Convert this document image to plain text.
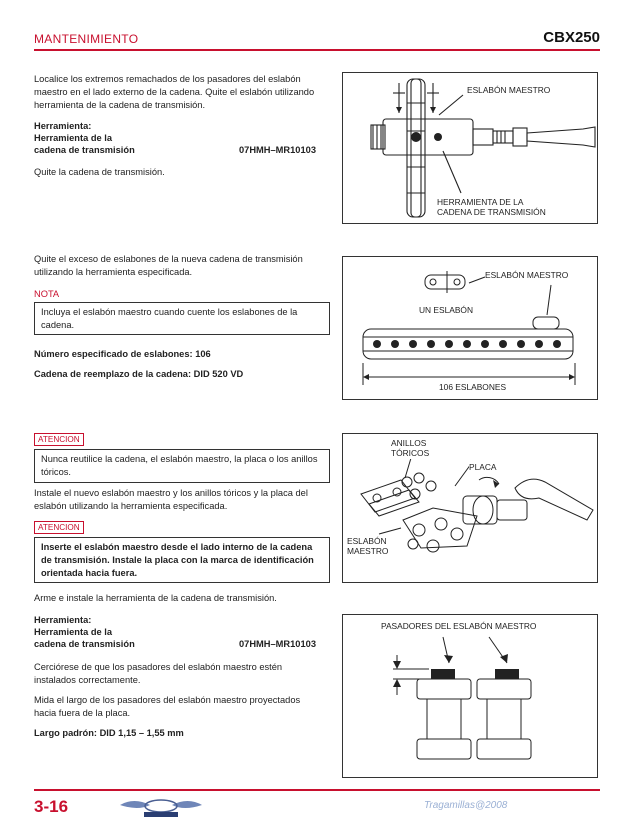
MANTENIMIENTO	CBX250
Localice los extremos remachados de los pasadores del eslabón maestro en el lado externo de la cadena. Quite el eslabón utilizando herramienta de la cadena de transmisión.
Herramienta:
Herramienta de la
cadena de transmisión	07HMH–MR10103
Quite la cadena de transmisión.
ESLABÓN MAESTRO
HERRAMIENTA DE LA
CADENA DE TRANSMISIÓN
Quite el exceso de eslabones de la nueva cadena de transmisión utilizando la herramienta especificada.
NOTA
Incluya el eslabón maestro cuando cuente los eslabones de la cadena.
Número especificado de eslabones: 106
Cadena de reemplazo de la cadena: DID 520 VD
ESLABÓN MAESTRO
UN ESLABÓN
106 ESLABONES
ATENCION
Nunca reutilice la cadena, el eslabón maestro, la placa o los anillos tóricos.
Instale el nuevo eslabón maestro y los anillos tóricos y la placa del eslabón utilizando la herramienta especificada.
ATENCION
Inserte el eslabón maestro desde el lado interno de la cadena de transmisión. Instale la placa con la marca de identificación orientada hacia fuera.
Arme e instale la herramienta de la cadena de transmisión.
ANILLOS
TÓRICOS
PLACA
ESLABÓN
MAESTRO
Herramienta:
Herramienta de la
cadena de transmisión	07HMH–MR10103
Cerciórese de que los pasadores del eslabón maestro estén instalados correctamente.
Mida el largo de los pasadores del eslabón maestro proyectados hacia fuera de la placa.
Largo padrón: DID 1,15 – 1,55 mm
PASADORES DEL ESLABÓN MAESTRO
3-16	Tragamillas@2008
